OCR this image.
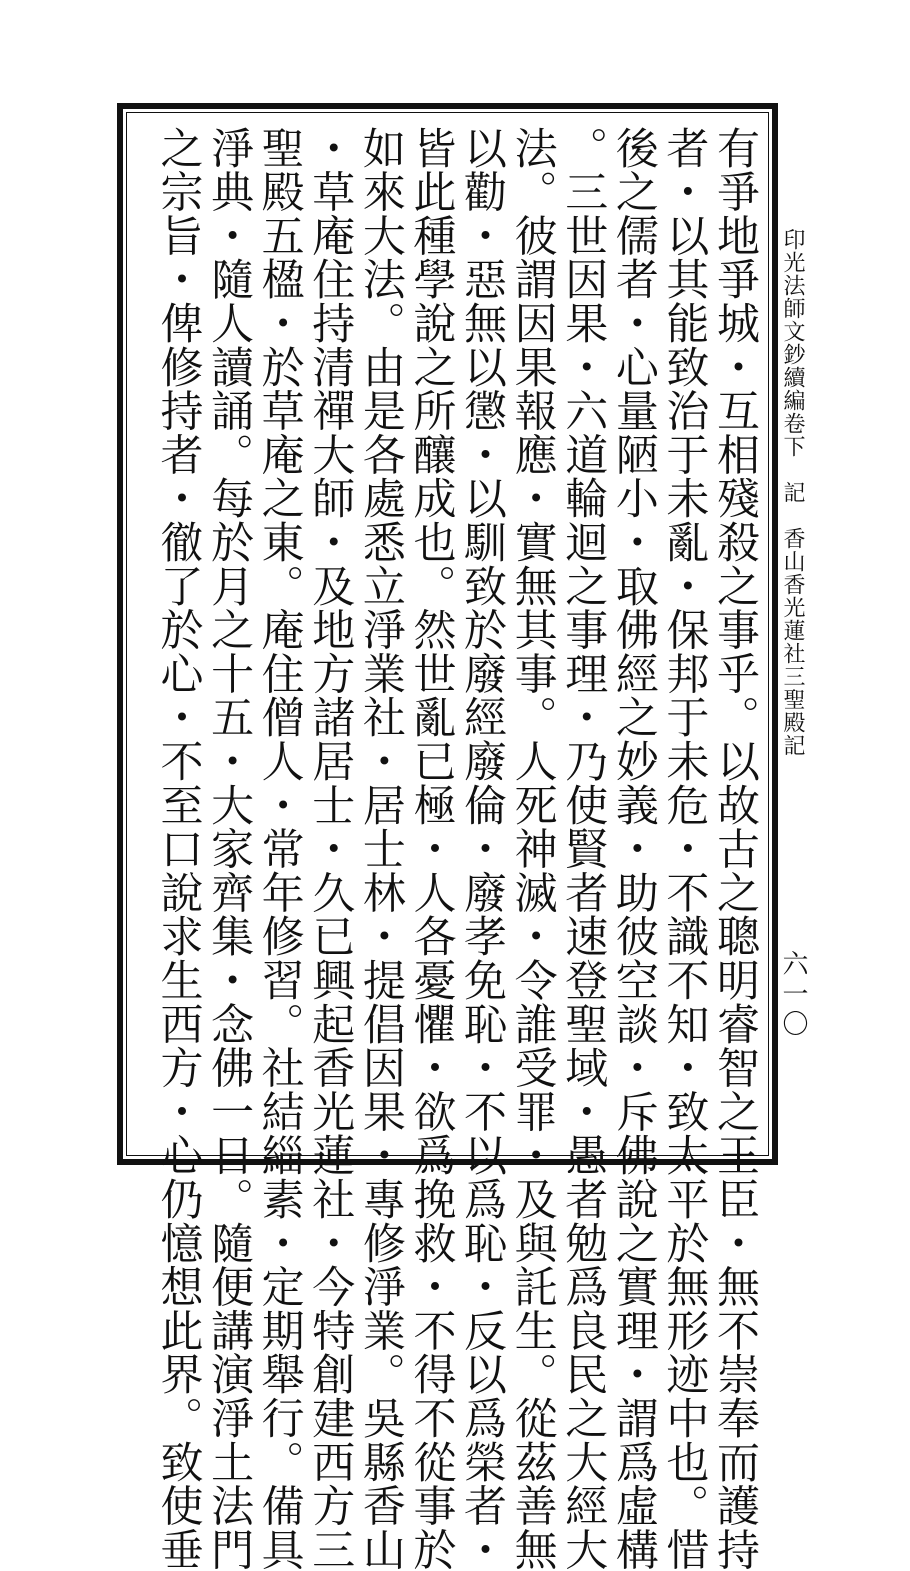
有爭地爭城・互相殘殺之事乎。以故古之聰明睿智之王臣・無不崇奉而護持
者・以其能致治于未亂・保邦于未危・不識不知・致太平於無形迹中也。惜
後之儒者・心量陋小・取佛經之妙義・助彼空談・斥佛說之實理・謂爲虛構
。三世因果・六道輪迴之事理・乃使賢者速登聖域・愚者勉爲良民之大經大
法。彼謂因果報應・實無其事。人死神滅・令誰受罪・及與託生。從茲善無
以勸・惡無以懲・以馴致於廢經廢倫・廢孝免恥・不以爲恥・反以爲榮者・
皆此種學說之所釀成也。然世亂已極・人各憂懼・欲爲挽救・不得不從事於
如來大法。由是各處悉立淨業社・居士林・提倡因果・專修淨業。吳縣香山
・草庵住持清禪大師・及地方諸居士・久已興起香光蓮社・今特創建西方三
聖殿五楹・於草庵之東。庵住僧人・常年修習。社結緇素・定期舉行。備具
淨典・隨人讀誦。每於月之十五・大家齊集・念佛一日。隨便講演淨土法門
之宗旨・俾修持者・徹了於心・不至口說求生西方・心仍憶想此界。致使垂	印光法師文鈔續編卷下　記　香山香光蓮社三聖殿記
六一〇
